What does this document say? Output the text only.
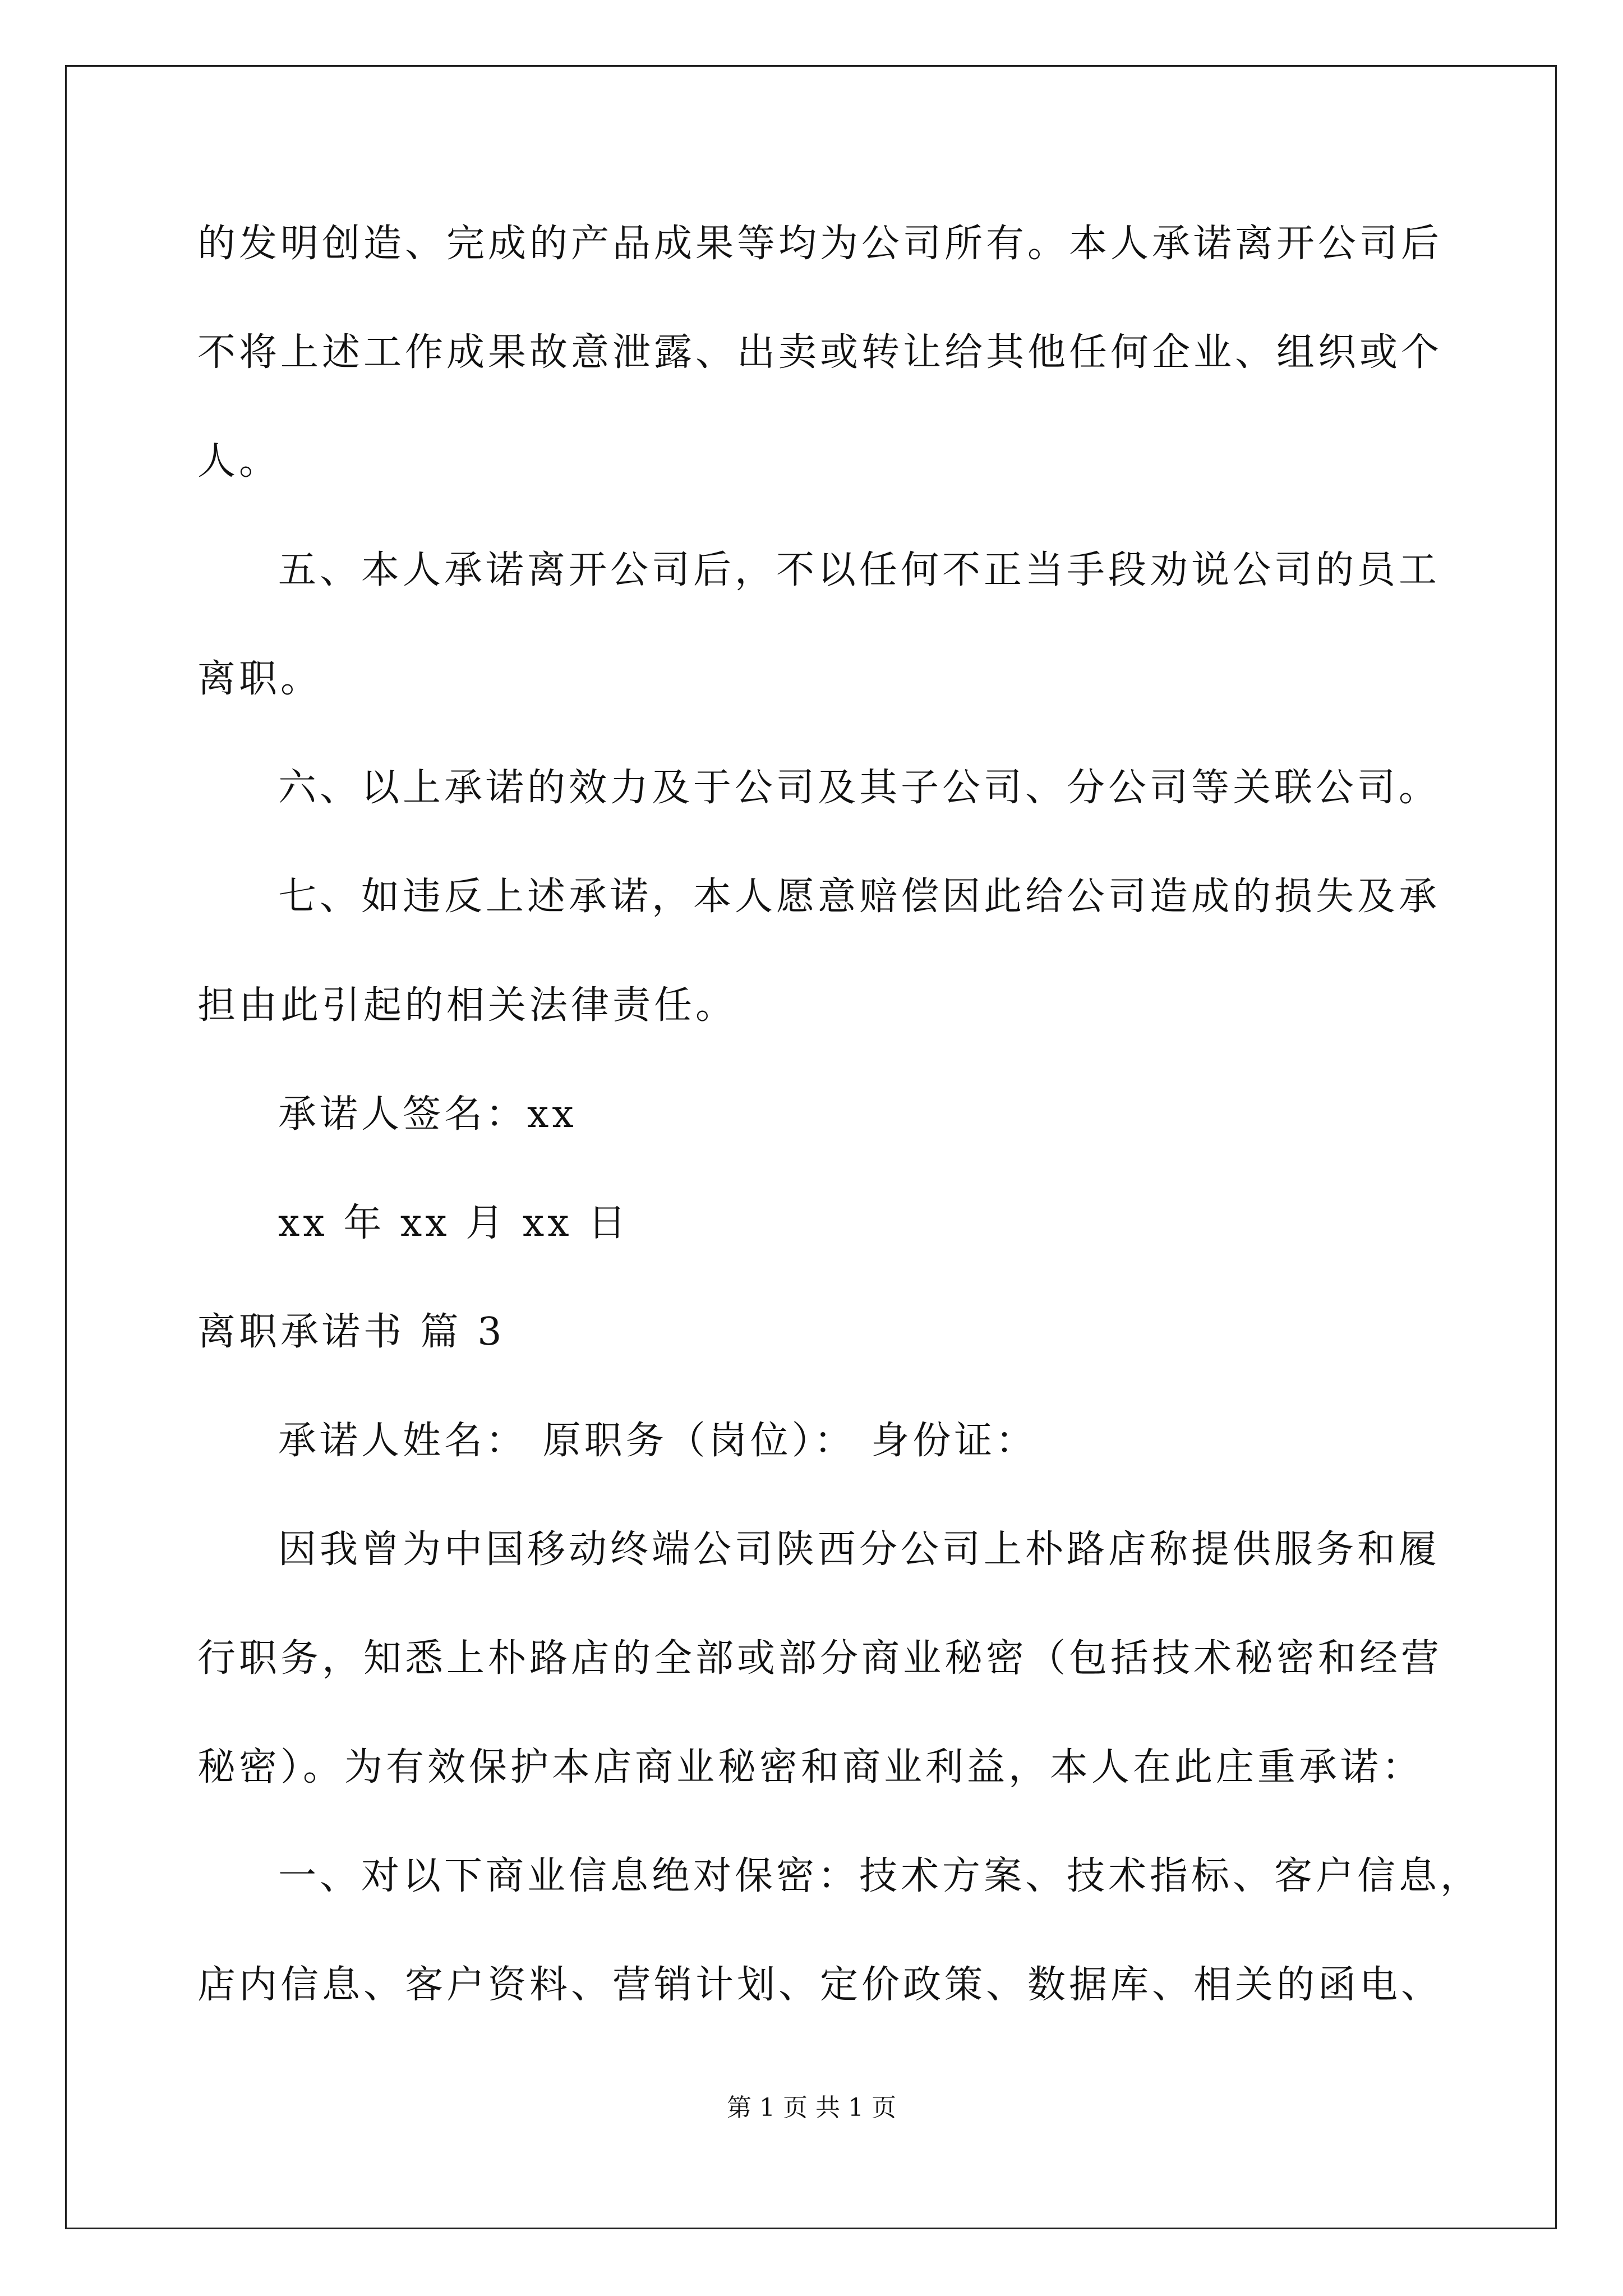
的发明创造、完成的产品成果等均为公司所有。本人承诺离开公司后
不将上述工作成果故意泄露、出卖或转让给其他任何企业、组织或个
人。
五、本人承诺离开公司后，不以任何不正当手段劝说公司的员工
离职。
六、以上承诺的效力及于公司及其子公司、分公司等关联公司。
七、如违反上述承诺，本人愿意赔偿因此给公司造成的损失及承
担由此引起的相关法律责任。
承诺人签名：xx
xx 年 xx 月 xx 日
离职承诺书 篇 3
承诺人姓名： 原职务（岗位）： 身份证：
因我曾为中国移动终端公司陕西分公司上朴路店称提供服务和履
行职务，知悉上朴路店的全部或部分商业秘密（包括技术秘密和经营
秘密）。为有效保护本店商业秘密和商业利益，本人在此庄重承诺：
一、对以下商业信息绝对保密：技术方案、技术指标、客户信息，
店内信息、客户资料、营销计划、定价政策、数据库、相关的函电、
第 1 页 共 1 页
